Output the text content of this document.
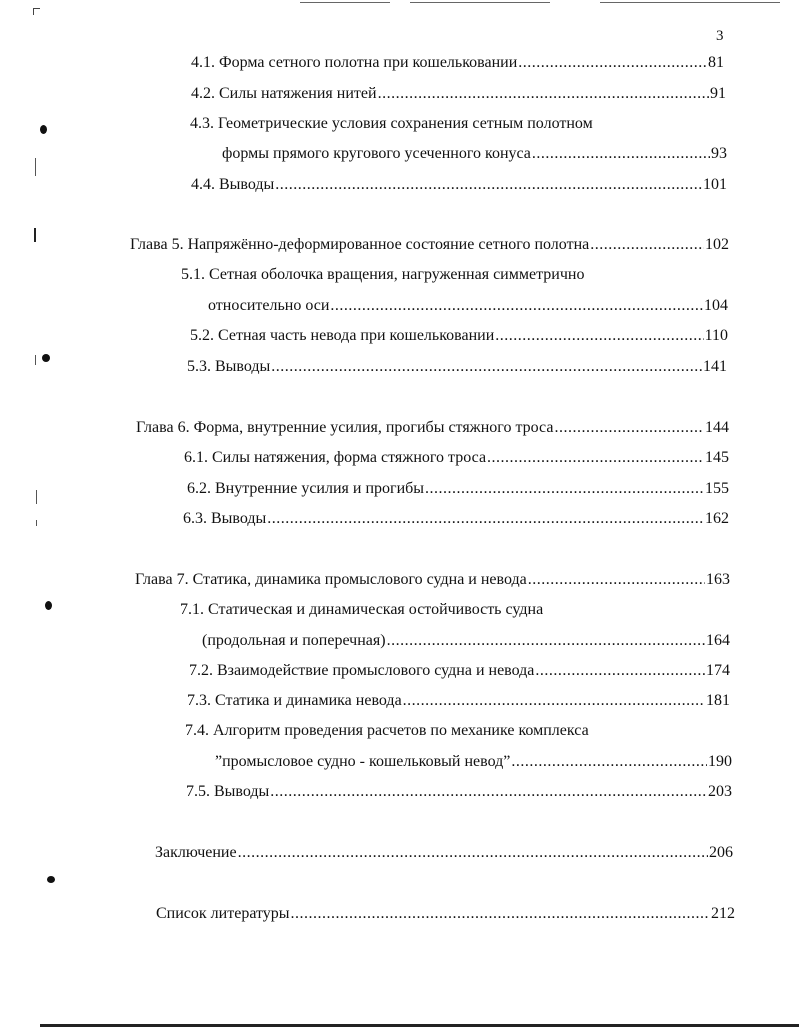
3
4.1. Форма сетного полотна при кошельковании .....	81
4.2. Силы натяжения нитей .....	91
4.3. Геометрические условия сохранения сетным полотном
формы прямого кругового усеченного конуса .....	93
4.4. Выводы .....	101
Глава 5. Напряжённо-деформированное состояние сетного полотна .....	102
5.1. Сетная оболочка вращения, нагруженная симметрично
относительно оси .....	104
5.2. Сетная часть невода при кошельковании .....	110
5.3. Выводы .....	141
Глава 6. Форма, внутренние усилия, прогибы стяжного троса .....	144
6.1. Силы натяжения, форма стяжного троса .....	145
6.2. Внутренние усилия и прогибы .....	155
6.3. Выводы .....	162
Глава 7. Статика, динамика промыслового судна и невода .....	163
7.1. Статическая и динамическая остойчивость судна
(продольная и поперечная) .....	164
7.2. Взаимодействие промыслового судна и невода .....	174
7.3. Статика и динамика невода .....	181
7.4. Алгоритм проведения расчетов по механике комплекса
”промысловое судно - кошельковый невод” .....	190
7.5. Выводы .....	203
Заключение .....	206
Список литературы .....	212
